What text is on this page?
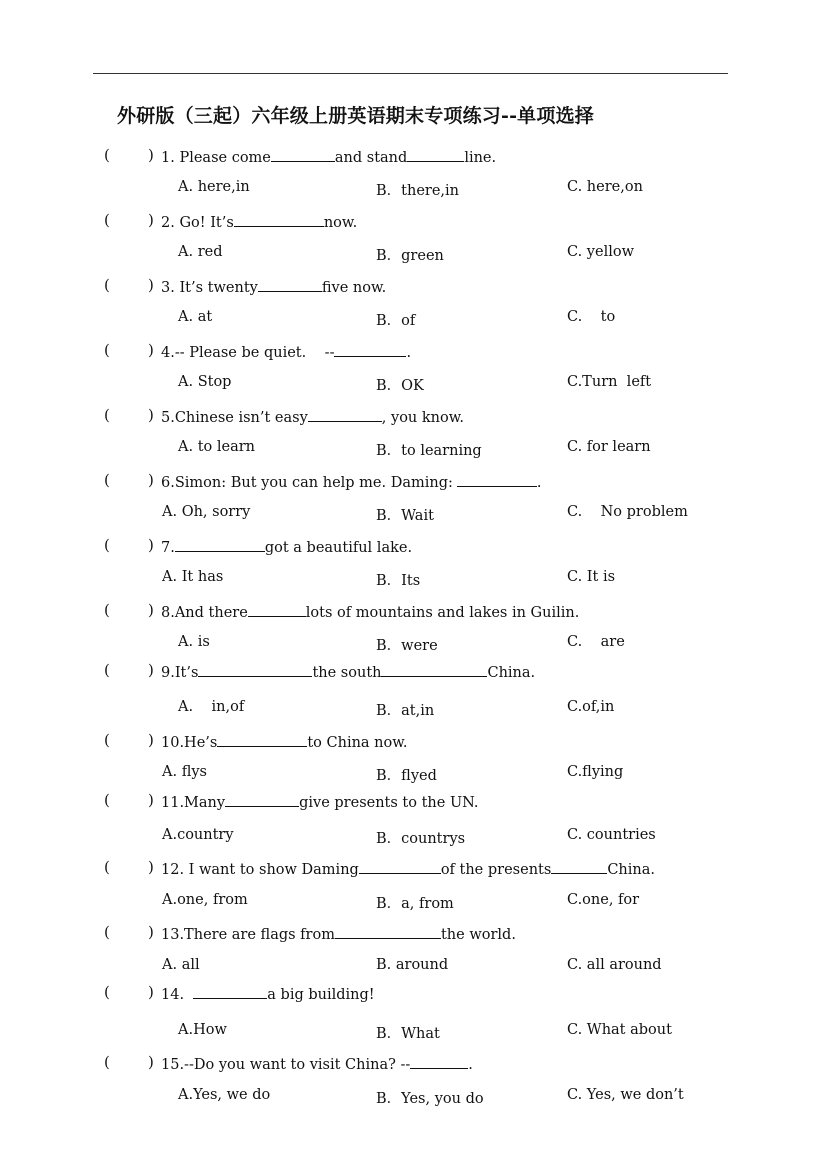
外研版（三起）六年级上册英语期末专项练习--单项选择
(        ) 1. Please come	and stand	line.
A. here,in	B．there,in	C. here,on
(        ) 2. Go! It’s	now.
A. red	B．green	C. yellow
(        ) 3. It’s twenty	five now.
A. at	B．of	C.    to
(        ) 4.-- Please be quiet.    --	.
A. Stop	B．OK	C.Turn  left
(        ) 5.Chinese isn’t easy	, you know.
A. to learn	B．to learning	C. for learn
(        ) 6.Simon: But you can help me. Daming:	.
A. Oh, sorry	B．Wait	C.    No problem
(        ) 7.	got a beautiful lake.
A. It has	B．Its	C. It is
(        ) 8.And there	lots of mountains and lakes in Guilin.
A. is	B．were	C.    are
(        ) 9.It’s	the south	China.
A.    in,of	B．at,in	C.of,in
(        ) 10.He’s	to China now.
A. flys	B．flyed	C.flying
(        ) 11.Many	give presents to the UN.
A.country	B．countrys	C. countries
(        ) 12. I want to show Daming	of the presents	China.
A.one, from	B．a, from	C.one, for
(        ) 13.There are flags from	the world.
A. all	B. around	C. all around
(        ) 14.	a big building!
A.How	B．What	C. What about
(        ) 15.--Do you want to visit China? --	.
A.Yes, we do	B．Yes, you do	C. Yes, we don’t
